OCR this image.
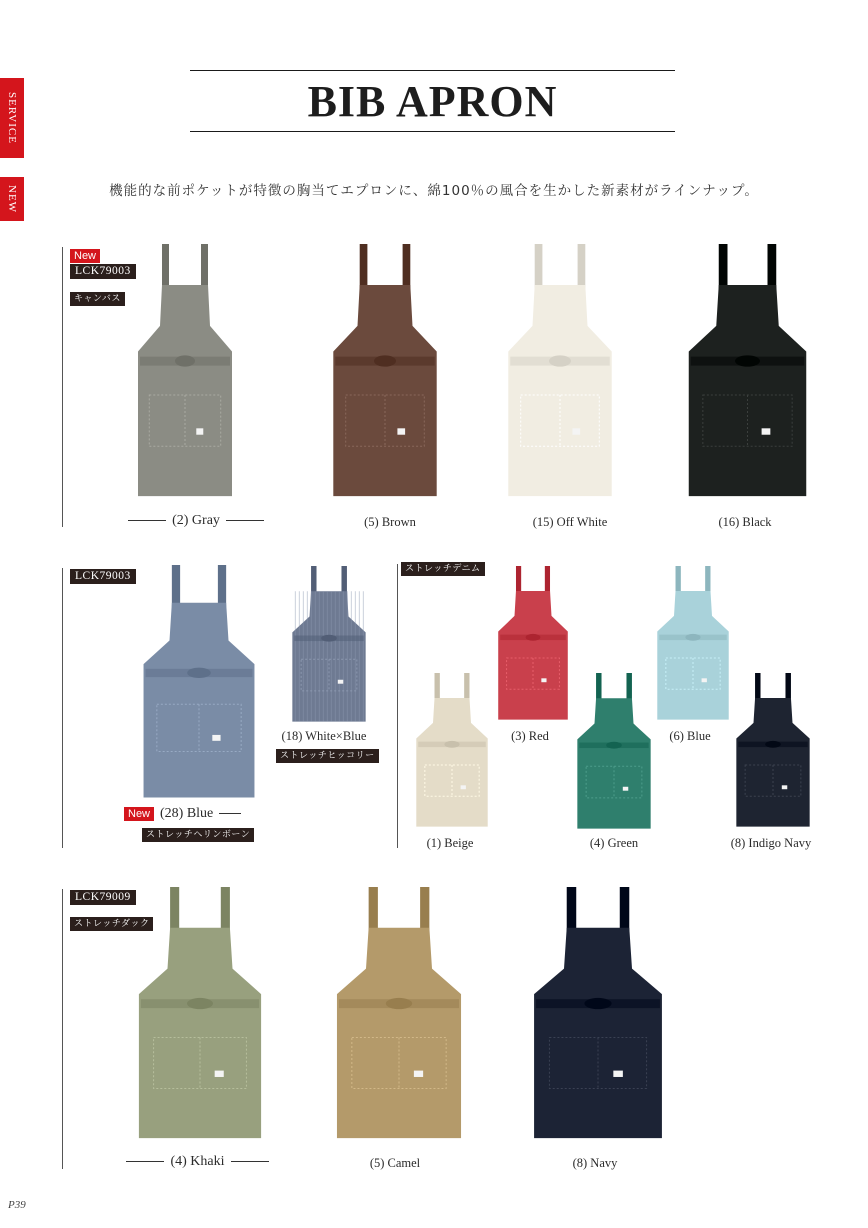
SERVICE
NEW
BIB APRON
機能的な前ポケットが特徴の胸当てエプロンに、綿100％の風合を生かした新素材がラインナップ。
New
LCK79003
キャンバス
(2) Gray	(5) Brown	(15) Off White	(16) Black
LCK79003
New (28) Blue
ストレッチヘリンボーン
(18) White×Blue
ストレッチヒッコリー
ストレッチデニム
(3) Red	(6) Blue
(1) Beige	(4) Green	(8) Indigo Navy
LCK79009
ストレッチダック
(4) Khaki	(5) Camel	(8) Navy
P39
